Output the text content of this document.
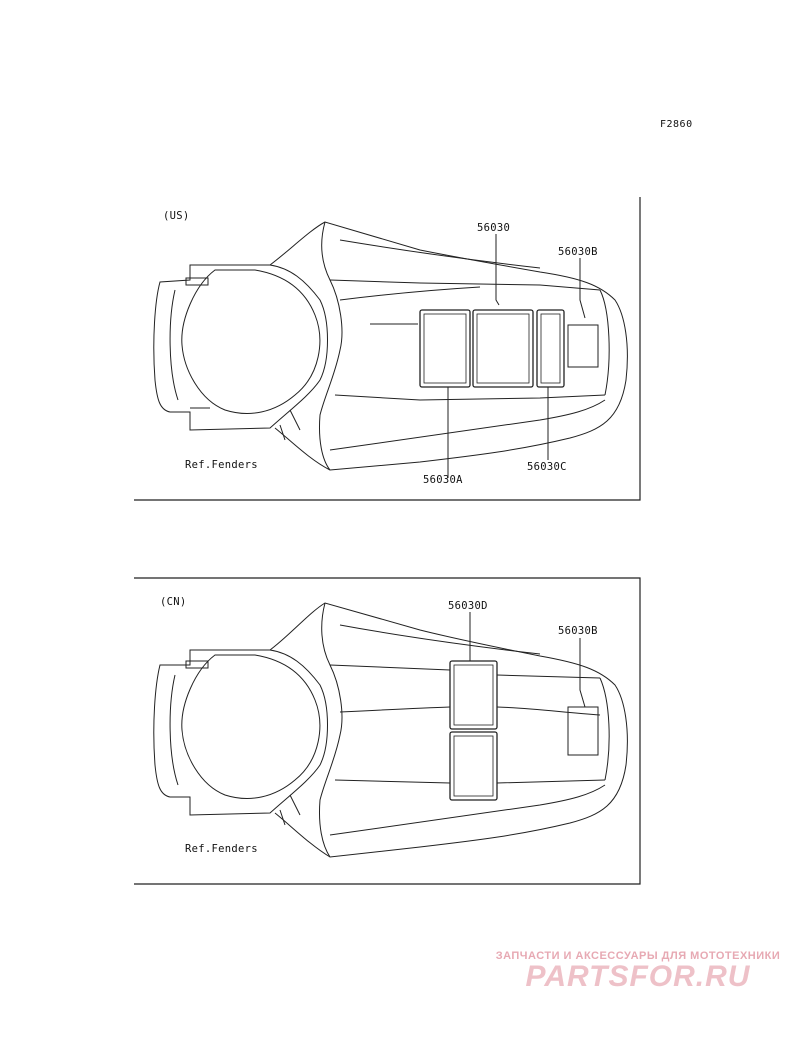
F2860
(US)
56030
56030B
56030A
56030C
Ref.Fenders
(CN)	56030D
56030B
Ref.Fenders
ЗАПЧАСТИ И АКСЕССУАРЫ ДЛЯ МОТОТЕХНИКИ
PARTSFOR.RU
